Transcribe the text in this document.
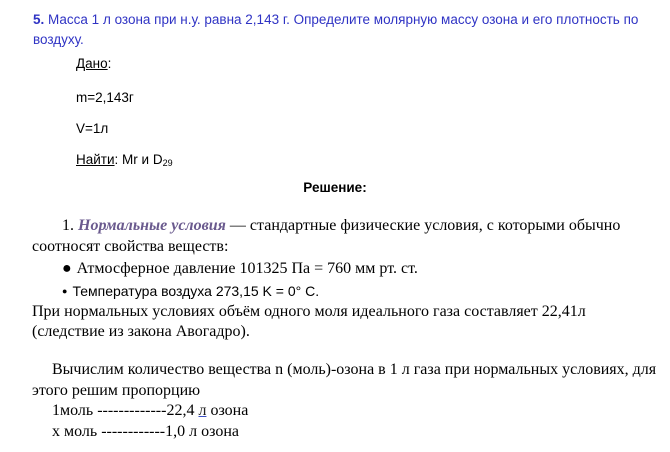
5. Масса 1 л озона при н.у. равна 2,143 г. Определите молярную массу озона и его плотность по воздуху.
Дано:
m=2,143г
V=1л
Найти: Mr и $D_{29}$
Решение:
1. Нормальные условия — стандартные физические условия, с которыми обычно
соотносят свойства веществ:
● Атмосферное давление 101325 Па = 760 мм рт. ст.
● Температура воздуха 273,15 K = 0° C.
При нормальных условиях объём одного моля идеального газа составляет 22,41л
(следствие из закона Авогадро).
Вычислим количество вещества n (моль)-озона в 1 л газа при нормальных условиях, для
этого решим пропорцию
1моль -------------22,4 л озона
x моль ------------1,0 л озона
